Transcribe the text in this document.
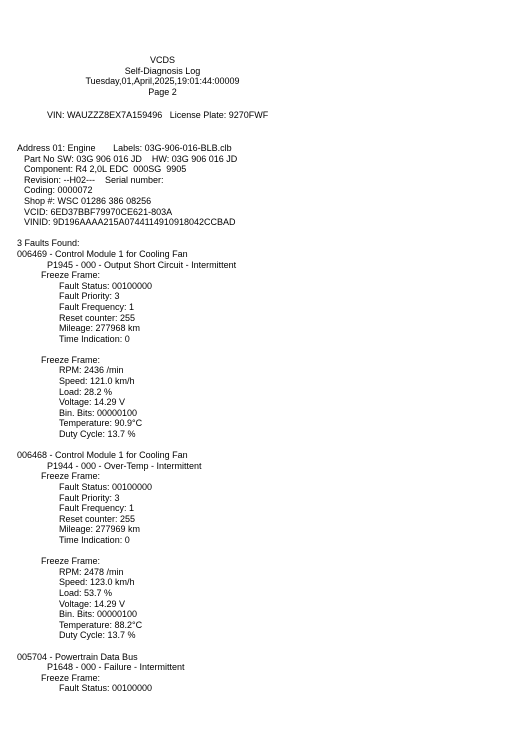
VCDS
Self-Diagnosis Log
Tuesday,01,April,2025,19:01:44:00009
Page 2
VIN: WAUZZZ8EX7A159496 License Plate: 9270FWF
Address 01: Engine Labels: 03G-906-016-BLB.clb
Part No SW: 03G 906 016 JD HW: 03G 906 016 JD
Component: R4 2,0L EDC  000SG  9905
Revision: --H02--- Serial number:
Coding: 0000072
Shop #: WSC 01286 386 08256
VCID: 6ED37BBF79970CE621-803A
VINID: 9D196AAAA215A0744114910918042CCBAD
3 Faults Found:
006469 - Control Module 1 for Cooling Fan
P1945 - 000 - Output Short Circuit - Intermittent
Freeze Frame:
Fault Status: 00100000
Fault Priority: 3
Fault Frequency: 1
Reset counter: 255
Mileage: 277968 km
Time Indication: 0
Freeze Frame:
RPM: 2436 /min
Speed: 121.0 km/h
Load: 28.2 %
Voltage: 14.29 V
Bin. Bits: 00000100
Temperature: 90.9°C
Duty Cycle: 13.7 %
006468 - Control Module 1 for Cooling Fan
P1944 - 000 - Over-Temp - Intermittent
Freeze Frame:
Fault Status: 00100000
Fault Priority: 3
Fault Frequency: 1
Reset counter: 255
Mileage: 277969 km
Time Indication: 0
Freeze Frame:
RPM: 2478 /min
Speed: 123.0 km/h
Load: 53.7 %
Voltage: 14.29 V
Bin. Bits: 00000100
Temperature: 88.2°C
Duty Cycle: 13.7 %
005704 - Powertrain Data Bus
P1648 - 000 - Failure - Intermittent
Freeze Frame:
Fault Status: 00100000
